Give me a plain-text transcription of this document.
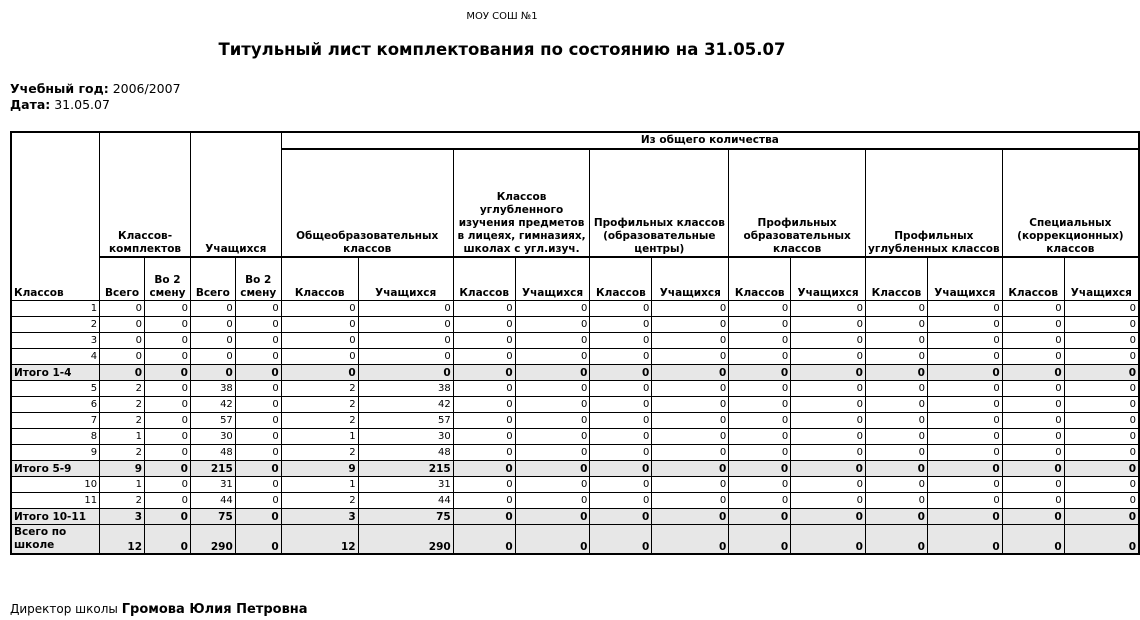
МОУ СОШ №1
Титульный лист комплектования по состоянию на 31.05.07
Учебный год: 2006/2007
Дата: 31.05.07
Классов	Классов-комплектов		Учащихся		Из общего количества											
					Общеобразовательных классов		Классов углубленного изучения предметов в лицеях, гимназиях, школах с угл.изуч.		Профильных классов (образовательные центры)		Профильных образовательных классов		Профильных углубленных классов		Специальных (коррекционных) классов	
	Всего	Во 2 смену	Всего	Во 2 смену	Классов	Учащихся	Классов	Учащихся	Классов	Учащихся	Классов	Учащихся	Классов	Учащихся	Классов	Учащихся
1	0	0	0	0	0	0	0	0	0	0	0	0	0	0	0	0
2	0	0	0	0	0	0	0	0	0	0	0	0	0	0	0	0
3	0	0	0	0	0	0	0	0	0	0	0	0	0	0	0	0
4	0	0	0	0	0	0	0	0	0	0	0	0	0	0	0	0
Итого 1-4	0	0	0	0	0	0	0	0	0	0	0	0	0	0	0	0
5	2	0	38	0	2	38	0	0	0	0	0	0	0	0	0	0
6	2	0	42	0	2	42	0	0	0	0	0	0	0	0	0	0
7	2	0	57	0	2	57	0	0	0	0	0	0	0	0	0	0
8	1	0	30	0	1	30	0	0	0	0	0	0	0	0	0	0
9	2	0	48	0	2	48	0	0	0	0	0	0	0	0	0	0
Итого 5-9	9	0	215	0	9	215	0	0	0	0	0	0	0	0	0	0
10	1	0	31	0	1	31	0	0	0	0	0	0	0	0	0	0
11	2	0	44	0	2	44	0	0	0	0	0	0	0	0	0	0
Итого 10-11	3	0	75	0	3	75	0	0	0	0	0	0	0	0	0	0
Всего по школе	12	0	290	0	12	290	0	0	0	0	0	0	0	0	0	0
Директор школы Громова Юлия Петровна
